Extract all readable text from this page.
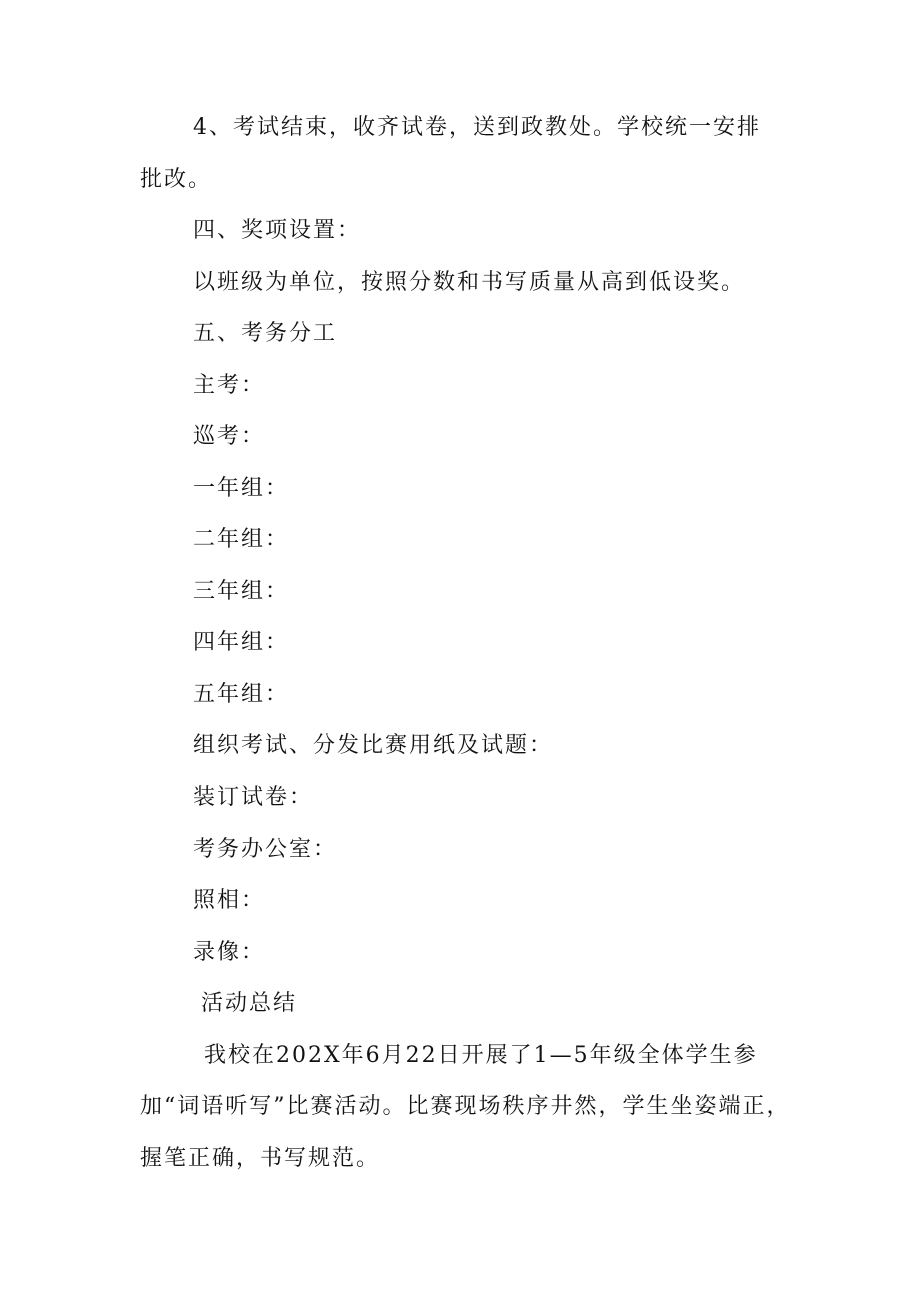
4、考试结束，收齐试卷，送到政教处。学校统一安排
批改。
四、奖项设置：
以班级为单位，按照分数和书写质量从高到低设奖。
五、考务分工
主考：
巡考：
一年组：
二年组：
三年组：
四年组：
五年组：
组织考试、分发比赛用纸及试题：
装订试卷：
考务办公室：
照相：
录像：
活动总结
我校在202X年6月22日开展了1—5年级全体学生参
加“词语听写”比赛活动。比赛现场秩序井然，学生坐姿端正，
握笔正确，书写规范。
